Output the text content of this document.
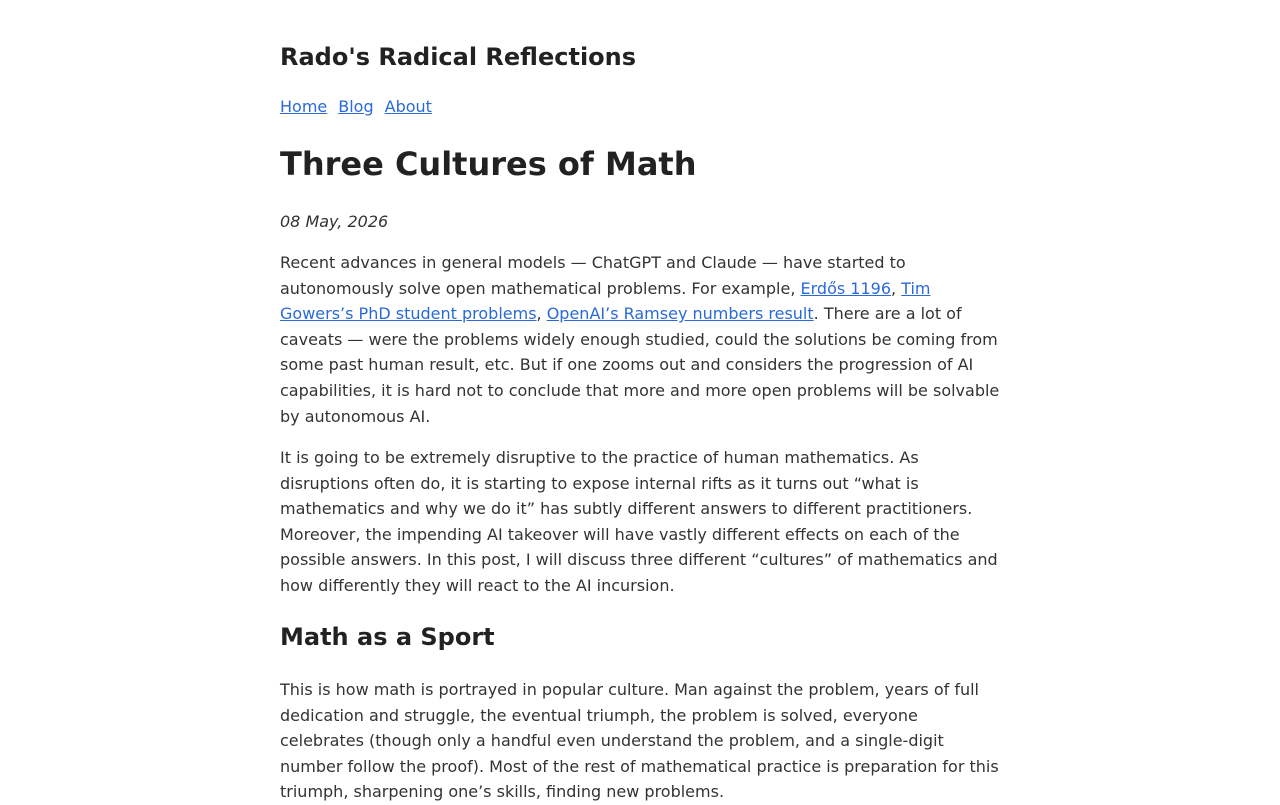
Rado's Radical Reflections
Home Blog About
Three Cultures of Math
08 May, 2026

Recent advances in general models — ChatGPT and Claude — have started to autonomously solve open mathematical problems. For example, Erdős 1196, Tim Gowers’s PhD student problems, OpenAI’s Ramsey numbers result. There are a lot of caveats — were the problems widely enough studied, could the solutions be coming from some past human result, etc. But if one zooms out and considers the progression of AI capabilities, it is hard not to conclude that more and more open problems will be solvable by autonomous AI.

It is going to be extremely disruptive to the practice of human mathematics. As disruptions often do, it is starting to expose internal rifts as it turns out “what is mathematics and why we do it” has subtly different answers to different practitioners. Moreover, the impending AI takeover will have vastly different effects on each of the possible answers. In this post, I will discuss three different “cultures” of mathematics and how differently they will react to the AI incursion.

Math as a Sport

This is how math is portrayed in popular culture. Man against the problem, years of full dedication and struggle, the eventual triumph, the problem is solved, everyone celebrates (though only a handful even understand the problem, and a single-digit number follow the proof). Most of the rest of mathematical practice is preparation for this triumph, sharpening one’s skills, finding new problems.
